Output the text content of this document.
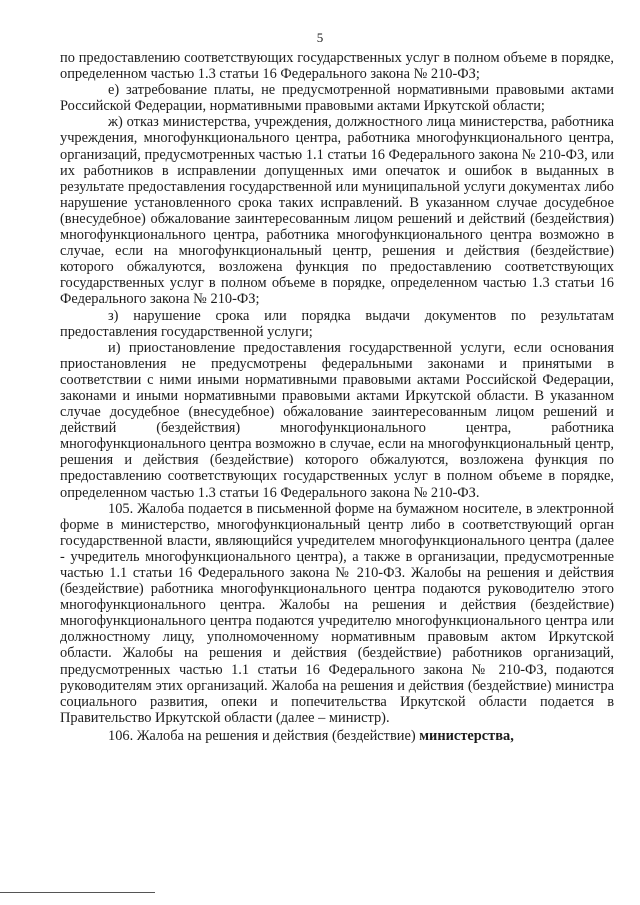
5

по предоставлению соответствующих государственных услуг в полном объеме в порядке, определенном частью 1.3 статьи 16 Федерального закона № 210-ФЗ;

е) затребование платы, не предусмотренной нормативными правовыми актами Российской Федерации, нормативными правовыми актами Иркутской области;

ж) отказ министерства, учреждения, должностного лица министерства, работника учреждения, многофункционального центра, работника многофункционального центра, организаций, предусмотренных частью 1.1 статьи 16 Федерального закона № 210-ФЗ, или их работников в исправлении допущенных ими опечаток и ошибок в выданных в результате предоставления государственной или муниципальной услуги документах либо нарушение установленного срока таких исправлений. В указанном случае досудебное (внесудебное) обжалование заинтересованным лицом решений и действий (бездействия) многофункционального центра, работника многофункционального центра возможно в случае, если на многофункциональный центр, решения и действия (бездействие) которого обжалуются, возложена функция по предоставлению соответствующих государственных услуг в полном объеме в порядке, определенном частью 1.3 статьи 16 Федерального закона № 210-ФЗ;

з) нарушение срока или порядка выдачи документов по результатам предоставления государственной услуги;

и) приостановление предоставления государственной услуги, если основания приостановления не предусмотрены федеральными законами и принятыми в соответствии с ними иными нормативными правовыми актами Российской Федерации, законами и иными нормативными правовыми актами Иркутской области. В указанном случае досудебное (внесудебное) обжалование заинтересованным лицом решений и действий (бездействия) многофункционального центра, работника многофункционального центра возможно в случае, если на многофункциональный центр, решения и действия (бездействие) которого обжалуются, возложена функция по предоставлению соответствующих государственных услуг в полном объеме в порядке, определенном частью 1.3 статьи 16 Федерального закона № 210-ФЗ.

105. Жалоба подается в письменной форме на бумажном носителе, в электронной форме в министерство, многофункциональный центр либо в соответствующий орган государственной власти, являющийся учредителем многофункционального центра (далее - учредитель многофункционального центра), а также в организации, предусмотренные частью 1.1 статьи 16 Федерального закона № 210-ФЗ. Жалобы на решения и действия (бездействие) работника многофункционального центра подаются руководителю этого многофункционального центра. Жалобы на решения и действия (бездействие) многофункционального центра подаются учредителю многофункционального центра или должностному лицу, уполномоченному нормативным правовым актом Иркутской области. Жалобы на решения и действия (бездействие) работников организаций, предусмотренных частью 1.1 статьи 16 Федерального закона № 210-ФЗ, подаются руководителям этих организаций. Жалоба на решения и действия (бездействие) министра социального развития, опеки и попечительства Иркутской области подается в Правительство Иркутской области (далее – министр).

106. Жалоба на решения и действия (бездействие) министерства,
